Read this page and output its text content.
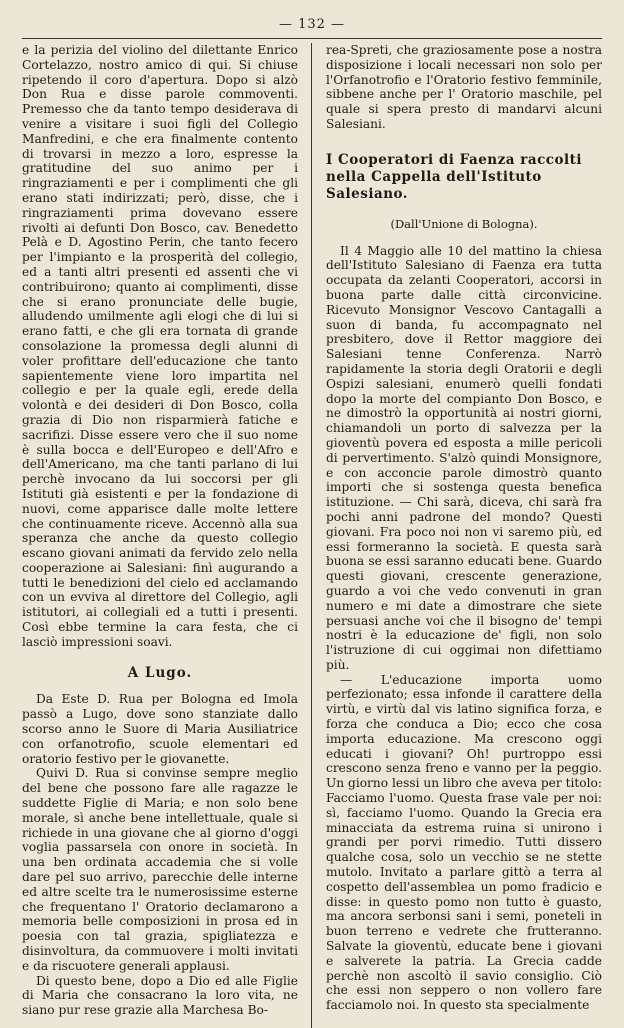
— 132 —

e la perizia del violino del dilettante Enrico Cortelazzo, nostro amico di qui. Si chiuse ripetendo il coro d'apertura. Dopo si alzò Don Rua e disse parole commoventi. Premesso che da tanto tempo desiderava di venire a visitare i suoi figli del Collegio Manfredini, e che era finalmente contento di trovarsi in mezzo a loro, espresse la gratitudine del suo animo per i ringraziamenti e per i complimenti che gli erano stati indirizzati; però, disse, che i ringraziamenti prima dovevano essere rivolti ai defunti Don Bosco, cav. Benedetto Pelà e D. Agostino Perin, che tanto fecero per l'impianto e la prosperità del collegio, ed a tanti altri presenti ed assenti che vi contribuirono; quanto ai complimenti, disse che si erano pronunciate delle bugie, alludendo umilmente agli elogi che di lui si erano fatti, e che gli era tornata di grande consolazione la promessa degli alunni di voler profittare dell'educazione che tanto sapientemente viene loro impartita nel collegio e per la quale egli, erede della volontà e dei desideri di Don Bosco, colla grazia di Dio non risparmierà fatiche e sacrifizi. Disse essere vero che il suo nome è sulla bocca e dell'Europeo e dell'Afro e dell'Americano, ma che tanti parlano di lui perchè invocano da lui soccorsi per gli Istituti già esistenti e per la fondazione di nuovi, come appariscе dalle molte lettere che continuamente riceve. Accennò alla sua speranza che anche da questo collegio escano giovani animati da fervido zelo nella cooperazione ai Salesiani: finì augurando a tutti le benedizioni del cielo ed acclamando con un evviva al direttore del Collegio, agli istitutori, ai collegiali ed a tutti i presenti. Così ebbe termine la cara festa, che ci lasciò impressioni soavi.

A Lugo.

Da Este D. Rua per Bologna ed Imola passò a Lugo, dove sono stanziate dallo scorso anno le Suore di Maria Ausiliatrice con orfanotrofio, scuole elementari ed oratorio festivo per le giovanette.

Quivi D. Rua si convinse sempre meglio del bene che possono fare alle ragazze le suddette Figlie di Maria; e non solo bene morale, sì anche bene intellettuale, quale si richiede in una giovane che al giorno d'oggi voglia passarsela con onore in società. In una ben ordinata accademia che si volle dare pel suo arrivo, parecchie delle interne ed altre scelte tra le numerosissime esterne che frequentano l' Oratorio declamarono a memoria belle composizioni in prosa ed in poesia con tal grazia, spigliatezza e disinvoltura, da commuovere i molti invitati e da riscuotere generali applausi.

Di questo bene, dopo a Dio ed alle Figlie di Maria che consacrano la loro vita, ne siano pur rese grazie alla Marchesa Bo-

rea-Spreti, che graziosamente pose a nostra disposizione i locali necessari non solo per l'Orfanotrofio e l'Oratorio festivo femminile, sibbene anche per l' Oratorio maschile, pel quale si spera presto di mandarvi alcuni Salesiani.

I Cooperatori di Faenza raccolti nella Cappella dell'Istituto Salesiano.
(Dall'Unione di Bologna).

Il 4 Maggio alle 10 del mattino la chiesa dell'Istituto Salesiano di Faenza era tutta occupata da zelanti Cooperatori, accorsi in buona parte dalle città circonvicine. Ricevuto Monsignor Vescovo Cantagalli a suon di banda, fu accompagnato nel presbitero, dove il Rettor maggiore dei Salesiani tenne Conferenza. Narrò rapidamente la storia degli Oratorii e degli Ospizi salesiani, enumerò quelli fondati dopo la morte del compianto Don Bosco, e ne dimostrò la opportunità ai nostri giorni, chiamandoli un porto di salvezza per la gioventù povera ed esposta a mille pericoli di pervertimento. S'alzò quindi Monsignore, e con acconcie parole dimostrò quanto importi che si sostenga questa benefica istituzione. — Chi sarà, diceva, chi sarà fra pochi anni padrone del mondo? Questi giovani. Fra poco noi non vi saremo più, ed essi formeranno la società. E questa sarà buona se essi saranno educati bene. Guardo questi giovani, crescente generazione, guardo a voi che vedo convenuti in gran numero e mi date a dimostrare che siete persuasi anche voi che il bisogno de' tempi nostri è la educazione de' figli, non solo l'istruzione di cui oggimai non difettiamo più.

— L'educazione importa uomo perfezionato; essa infonde il carattere della virtù, e virtù dal vis latino significa forza, e forza che conduca a Dio; ecco che cosa importa educazione. Ma crescono oggi educati i giovani? Oh! purtroppo essi crescono senza freno e vanno per la peggio. Un giorno lessi un libro che aveva per titolo: Facciamo l'uomo. Questa frase vale per noi: sì, facciamo l'uomo. Quando la Grecia era minacciata da estrema ruina si unirono i grandi per porvi rimedio. Tutti dissero qualche cosa, solo un vecchio se ne stette mutolo. Invitato a parlare gittò a terra al cospetto dell'assemblea un pomo fradicio e disse: in questo pomo non tutto è guasto, ma ancora serbonsi sani i semi, poneteli in buon terreno e vedrete che frutteranno. Salvate la gioventù, educate bene i giovani e salverete la patria. La Grecia cadde perchè non ascoltò il savio consiglio. Ciò che essi non seppero o non vollero fare facciamolo noi. In questo sta specialmente
